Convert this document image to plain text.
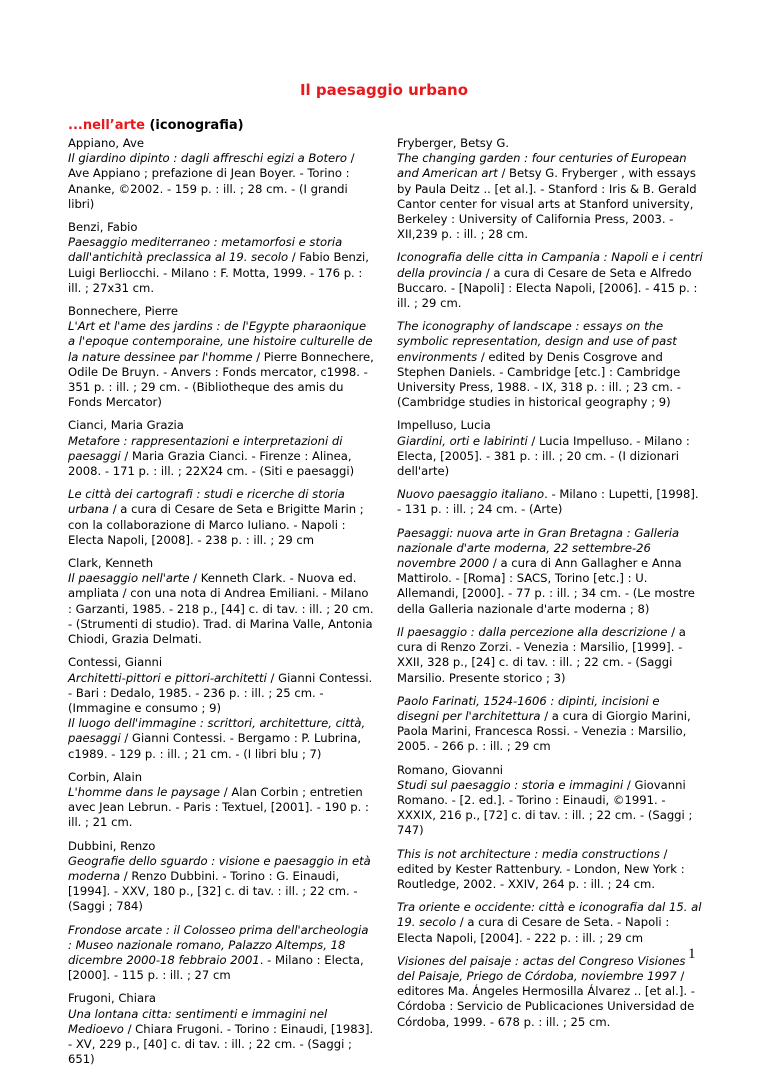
Il paesaggio urbano
...nell’arte (iconografia)
Appiano, Ave
Il giardino dipinto : dagli affreschi egizi a Botero / Ave Appiano ; prefazione di Jean Boyer. - Torino : Ananke, ©2002. - 159 p. : ill. ; 28 cm. - (I grandi libri)
Benzi, Fabio
Paesaggio mediterraneo : metamorfosi e storia dall'antichità preclassica al 19. secolo / Fabio Benzi, Luigi Berliocchi. - Milano : F. Motta, 1999. - 176 p. : ill. ; 27x31 cm.
Bonnechere, Pierre
L'Art et l'ame des jardins : de l'Egypte pharaonique a l'epoque contemporaine, une histoire culturelle de la nature dessinee par l'homme / Pierre Bonnechere, Odile De Bruyn. - Anvers : Fonds mercator, c1998. - 351 p. : ill. ; 29 cm. - (Bibliotheque des amis du Fonds Mercator)
Cianci, Maria Grazia
Metafore : rappresentazioni e interpretazioni di paesaggi / Maria Grazia Cianci. - Firenze : Alinea, 2008. - 171 p. : ill. ; 22X24 cm. - (Siti e paesaggi)
Le città dei cartografi : studi e ricerche di storia urbana / a cura di Cesare de Seta e Brigitte Marin ; con la collaborazione di Marco Iuliano. - Napoli : Electa Napoli, [2008]. - 238 p. : ill. ; 29 cm
Clark, Kenneth
Il paesaggio nell'arte / Kenneth Clark. - Nuova ed. ampliata / con una nota di Andrea Emiliani. - Milano : Garzanti, 1985. - 218 p., [44] c. di tav. : ill. ; 20 cm. - (Strumenti di studio). Trad. di Marina Valle, Antonia Chiodi, Grazia Delmati.
Contessi, Gianni
Architetti-pittori e pittori-architetti / Gianni Contessi. - Bari : Dedalo, 1985. - 236 p. : ill. ; 25 cm. - (Immagine e consumo ; 9)
Il luogo dell'immagine : scrittori, architetture, città, paesaggi / Gianni Contessi. - Bergamo : P. Lubrina, c1989. - 129 p. : ill. ; 21 cm. - (I libri blu ; 7)
Corbin, Alain
L'homme dans le paysage / Alan Corbin ; entretien avec Jean Lebrun. - Paris : Textuel, [2001]. - 190 p. : ill. ; 21 cm.
Dubbini, Renzo
Geografie dello sguardo : visione e paesaggio in età moderna / Renzo Dubbini. - Torino : G. Einaudi, [1994]. - XXV, 180 p., [32] c. di tav. : ill. ; 22 cm. - (Saggi ; 784)
Frondose arcate : il Colosseo prima dell'archeologia : Museo nazionale romano, Palazzo Altemps, 18 dicembre 2000-18 febbraio 2001. - Milano : Electa, [2000]. - 115 p. : ill. ; 27 cm
Frugoni, Chiara
Una lontana citta: sentimenti e immagini nel Medioevo / Chiara Frugoni. - Torino : Einaudi, [1983]. - XV, 229 p., [40] c. di tav. : ill. ; 22 cm. - (Saggi ; 651)
Fryberger, Betsy G.
The changing garden : four centuries of European and American art / Betsy G. Fryberger , with essays by Paula Deitz .. [et al.]. - Stanford : Iris & B. Gerald Cantor center for visual arts at Stanford university, Berkeley : University of California Press, 2003. - XII,239 p. : ill. ; 28 cm.
Iconografia delle citta in Campania : Napoli e i centri della provincia / a cura di Cesare de Seta e Alfredo Buccaro. - [Napoli] : Electa Napoli, [2006]. - 415 p. : ill. ; 29 cm.
The iconography of landscape : essays on the symbolic representation, design and use of past environments / edited by Denis Cosgrove and Stephen Daniels. - Cambridge [etc.] : Cambridge University Press, 1988. - IX, 318 p. : ill. ; 23 cm. - (Cambridge studies in historical geography ; 9)
Impelluso, Lucia
Giardini, orti e labirinti / Lucia Impelluso. - Milano : Electa, [2005]. - 381 p. : ill. ; 20 cm. - (I dizionari dell'arte)
Nuovo paesaggio italiano. - Milano : Lupetti, [1998]. - 131 p. : ill. ; 24 cm. - (Arte)
Paesaggi: nuova arte in Gran Bretagna : Galleria nazionale d'arte moderna, 22 settembre-26 novembre 2000 / a cura di Ann Gallagher e Anna Mattirolo. - [Roma] : SACS, Torino [etc.] : U. Allemandi, [2000]. - 77 p. : ill. ; 34 cm. - (Le mostre della Galleria nazionale d'arte moderna ; 8)
Il paesaggio : dalla percezione alla descrizione / a cura di Renzo Zorzi. - Venezia : Marsilio, [1999]. - XXII, 328 p., [24] c. di tav. : ill. ; 22 cm. - (Saggi Marsilio. Presente storico ; 3)
Paolo Farinati, 1524-1606 : dipinti, incisioni e disegni per l'architettura / a cura di Giorgio Marini, Paola Marini, Francesca Rossi. - Venezia : Marsilio, 2005. - 266 p. : ill. ; 29 cm
Romano, Giovanni
Studi sul paesaggio : storia e immagini / Giovanni Romano. - [2. ed.]. - Torino : Einaudi, ©1991. - XXXIX, 216 p., [72] c. di tav. : ill. ; 22 cm. - (Saggi ; 747)
This is not architecture : media constructions / edited by Kester Rattenbury. - London, New York : Routledge, 2002. - XXIV, 264 p. : ill. ; 24 cm.
Tra oriente e occidente: città e iconografia dal 15. al 19. secolo / a cura di Cesare de Seta. - Napoli : Electa Napoli, [2004]. - 222 p. : ill. ; 29 cm
Visiones del paisaje : actas del Congreso Visiones del Paisaje, Priego de Córdoba, noviembre 1997 / editores Ma. Ángeles Hermosilla Álvarez .. [et al.]. - Córdoba : Servicio de Publicaciones Universidad de Córdoba, 1999. - 678 p. : ill. ; 25 cm.
1
